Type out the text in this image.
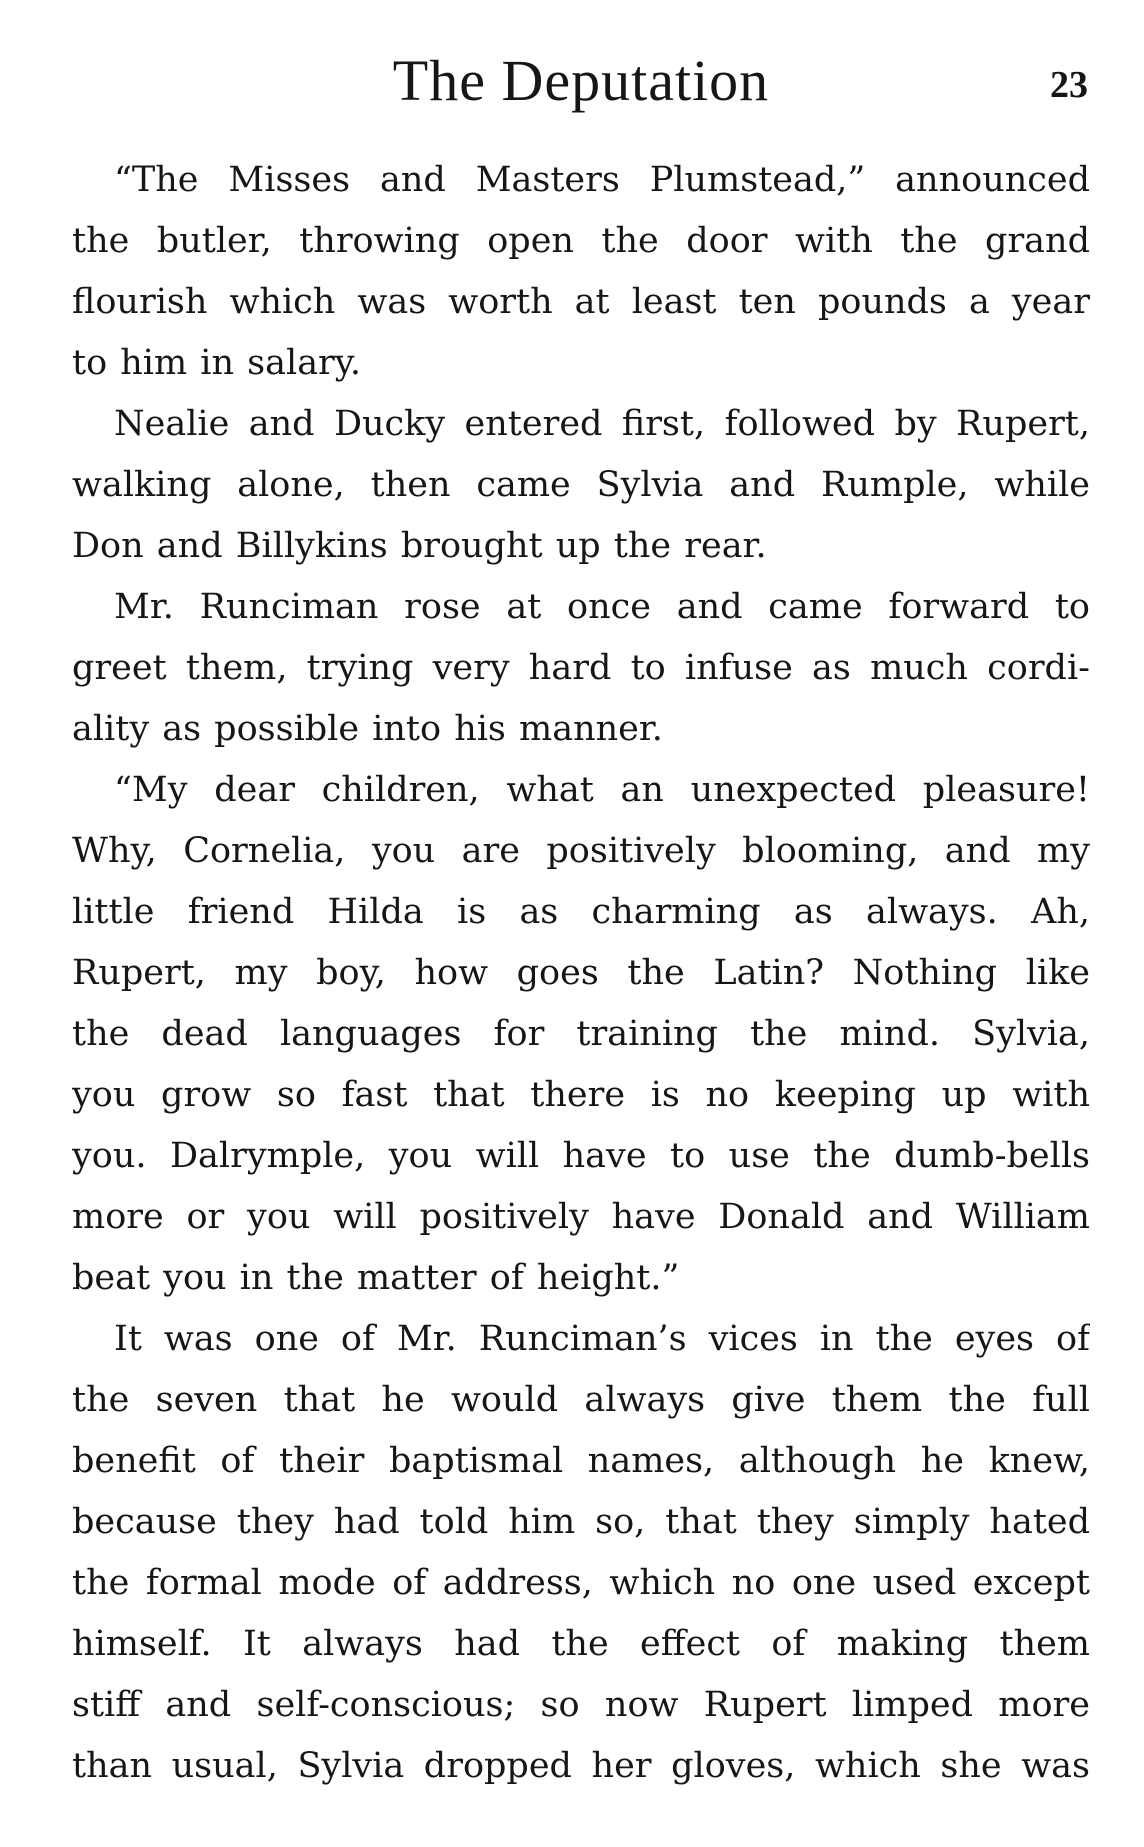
The Deputation	23
“The Misses and Masters Plumstead,” announced
the butler, throwing open the door with the grand
flourish which was worth at least ten pounds a year
to him in salary.
Nealie and Ducky entered first, followed by Rupert,
walking alone, then came Sylvia and Rumple, while
Don and Billykins brought up the rear.
Mr. Runciman rose at once and came forward to
greet them, trying very hard to infuse as much cordi-
ality as possible into his manner.
“My dear children, what an unexpected pleasure!
Why, Cornelia, you are positively blooming, and my
little friend Hilda is as charming as always. Ah,
Rupert, my boy, how goes the Latin? Nothing like
the dead languages for training the mind. Sylvia,
you grow so fast that there is no keeping up with
you. Dalrymple, you will have to use the dumb-bells
more or you will positively have Donald and William
beat you in the matter of height.”
It was one of Mr. Runciman’s vices in the eyes of
the seven that he would always give them the full
benefit of their baptismal names, although he knew,
because they had told him so, that they simply hated
the formal mode of address, which no one used except
himself. It always had the effect of making them
stiff and self-conscious; so now Rupert limped more
than usual, Sylvia dropped her gloves, which she was
